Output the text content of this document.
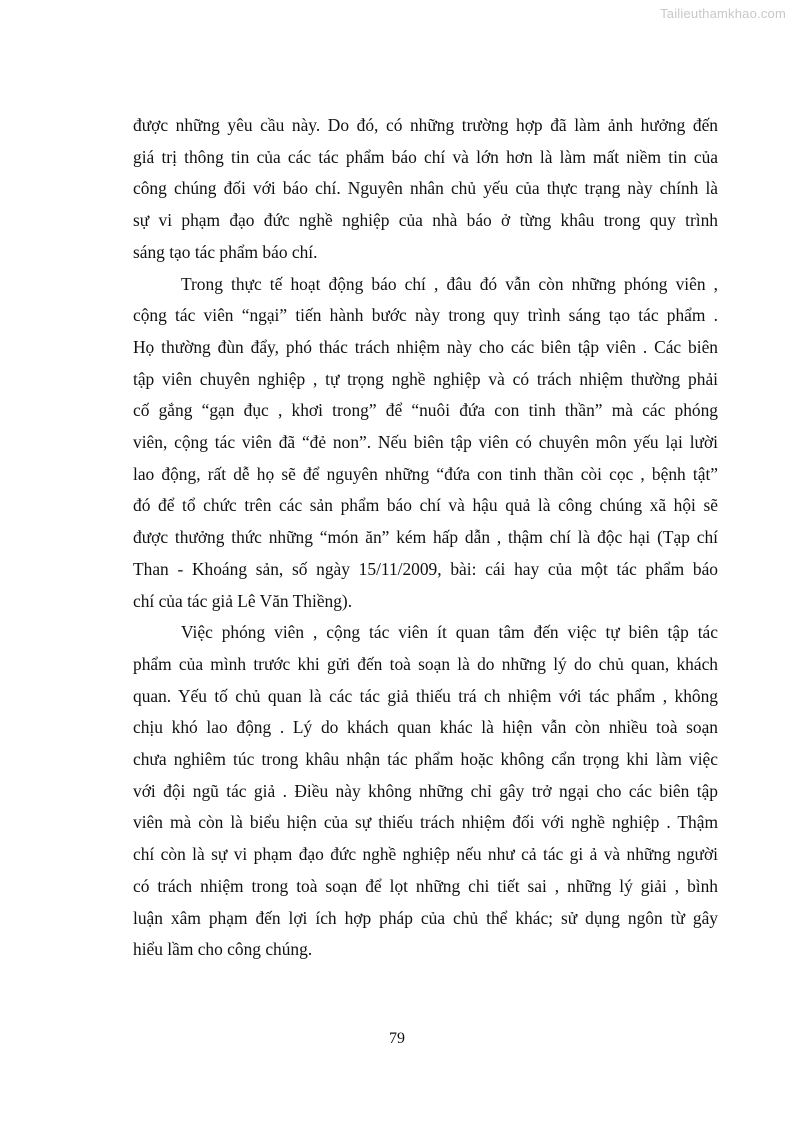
Tailieuthamkhao.com

được những yêu cầu này. Do đó, có những trường hợp đã làm ảnh hưởng đến
giá trị thông tin của các tác phẩm báo chí và lớn hơn là làm mất niềm tin của
công chúng đối với báo chí. Nguyên nhân chủ yếu của thực trạng này chính là
sự vi phạm đạo đức nghề nghiệp của nhà báo ở từng khâu trong quy trình
sáng tạo tác phẩm báo chí.

Trong thực tế hoạt động báo chí , đâu đó vẫn còn những phóng viên ,
cộng tác viên “ngại” tiến hành bước này trong quy trình sáng tạo tác phẩm .
Họ thường đùn đẩy, phó thác trách nhiệm này cho các biên tập viên . Các biên
tập viên chuyên nghiệp , tự trọng nghề nghiệp và có trách nhiệm thường phải
cố gắng “gạn đục , khơi trong” để “nuôi đứa con tinh thần” mà các phóng
viên, cộng tác viên đã “đẻ non”. Nếu biên tập viên có chuyên môn yếu lại lười
lao động, rất dễ họ sẽ để nguyên những “đứa con tinh thần còi cọc , bệnh tật”
đó để tổ chức trên các sản phẩm báo chí và hậu quả là công chúng xã hội sẽ
được thưởng thức những “món ăn” kém hấp dẫn , thậm chí là độc hại (Tạp chí
Than - Khoáng sản, số ngày 15/11/2009, bài: cái hay của một tác phẩm báo
chí của tác giả Lê Văn Thiềng).

Việc phóng viên , cộng tác viên ít quan tâm đến việc tự biên tập tác
phẩm của mình trước khi gửi đến toà soạn là do những lý do chủ quan, khách
quan. Yếu tố chủ quan là các tác giả thiếu trá ch nhiệm với tác phẩm , không
chịu khó lao động . Lý do khách quan khác là hiện vẫn còn nhiều toà soạn
chưa nghiêm túc trong khâu nhận tác phẩm hoặc không cẩn trọng khi làm việc
với đội ngũ tác giả . Điều này không những chỉ gây trở ngại cho các biên tập
viên mà còn là biểu hiện của sự thiếu trách nhiệm đối với nghề nghiệp . Thậm
chí còn là sự vi phạm đạo đức nghề nghiệp nếu như cả tác gi ả và những người
có trách nhiệm trong toà soạn để lọt những chi tiết sai , những lý giải , bình
luận xâm phạm đến lợi ích hợp pháp của chủ thể khác; sử dụng ngôn từ gây
hiểu lầm cho công chúng.

79
